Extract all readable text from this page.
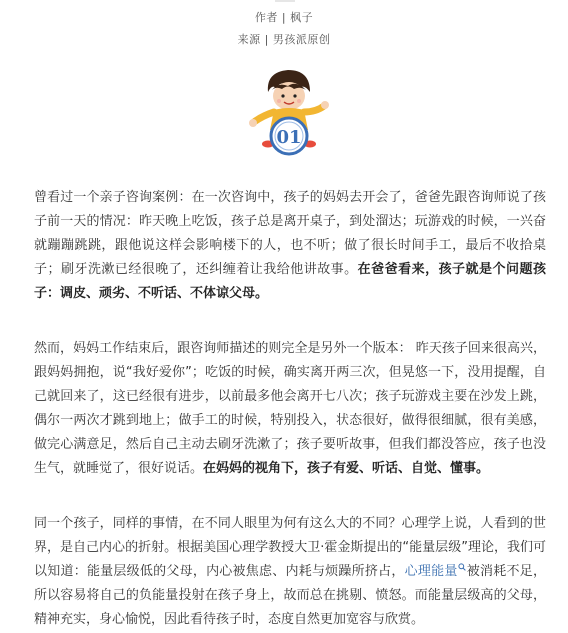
作者 | 枫子
来源 | 男孩派原创
01

曾看过一个亲子咨询案例：在一次咨询中，孩子的妈妈去开会了，爸爸先跟咨询师说了孩子前一天的情况：昨天晚上吃饭，孩子总是离开桌子，到处溜达；玩游戏的时候，一兴奋就蹦蹦跳跳，跟他说这样会影响楼下的人，也不听；做了很长时间手工，最后不收拾桌子；刷牙洗漱已经很晚了，还纠缠着让我给他讲故事。在爸爸看来，孩子就是个问题孩子：调皮、顽劣、不听话、不体谅父母。

然而，妈妈工作结束后，跟咨询师描述的则完全是另外一个版本： 昨天孩子回来很高兴，跟妈妈拥抱，说“我好爱你”；吃饭的时候，确实离开两三次，但晃悠一下，没用提醒，自己就回来了，这已经很有进步，以前最多他会离开七八次；孩子玩游戏主要在沙发上跳，偶尔一两次才跳到地上；做手工的时候，特别投入，状态很好，做得很细腻，很有美感，做完心满意足，然后自己主动去刷牙洗漱了；孩子要听故事，但我们都没答应，孩子也没生气，就睡觉了，很好说话。在妈妈的视角下，孩子有爱、听话、自觉、懂事。

同一个孩子，同样的事情，在不同人眼里为何有这么大的不同？心理学上说，人看到的世界，是自己内心的折射。根据美国心理学教授大卫·霍金斯提出的“能量层级”理论，我们可以知道：能量层级低的父母，内心被焦虑、内耗与烦躁所挤占，心理能量 被消耗不足，所以容易将自己的负能量投射在孩子身上，故而总在挑剔、愤怒。而能量层级高的父母，精神充实，身心愉悦，因此看待孩子时，态度自然更加宽容与欣赏。
